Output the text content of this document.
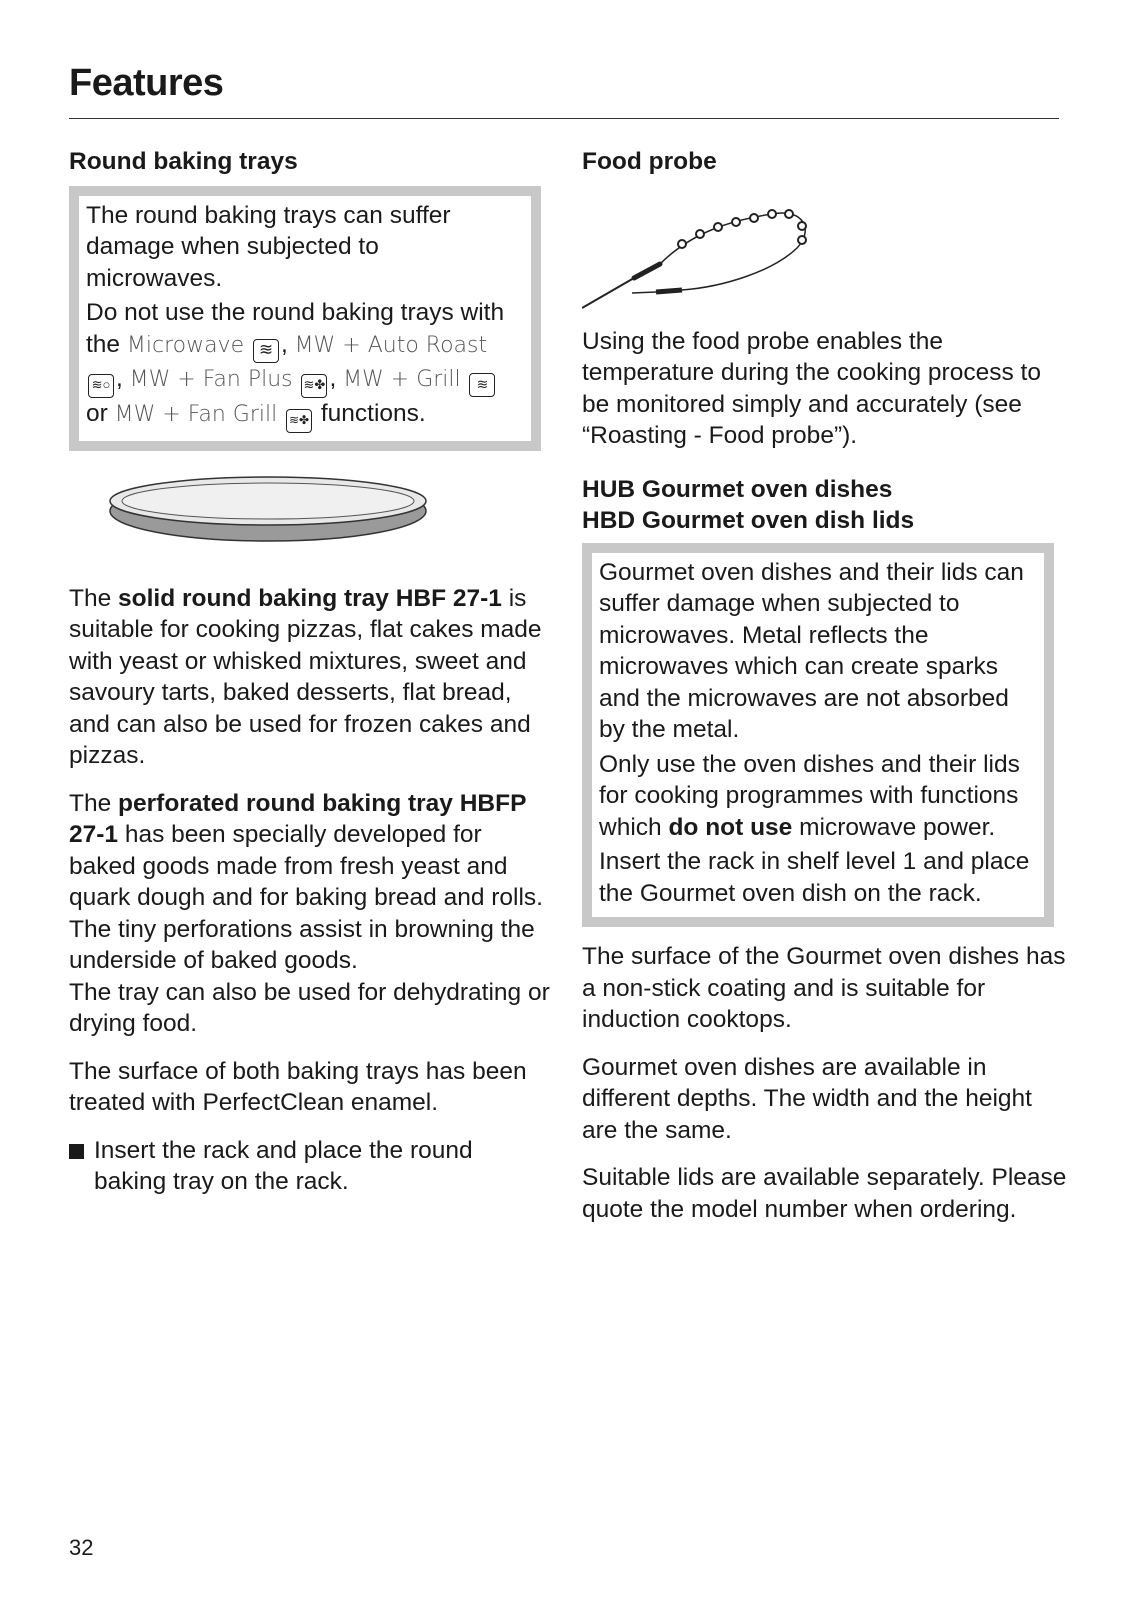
Features
Round baking trays

The round baking trays can suffer damage when subjected to microwaves.

Do not use the round baking trays with the Microwave ≋ , MW + Auto Roast ≋○ , MW + Fan Plus ≋✤ , MW + Grill ≋ or MW + Fan Grill ≋✤ functions.

The solid round baking tray HBF 27-1 is suitable for cooking pizzas, flat cakes made with yeast or whisked mixtures, sweet and savoury tarts, baked desserts, flat bread, and can also be used for frozen cakes and pizzas.

The perforated round baking tray HBFP 27-1 has been specially developed for baked goods made from fresh yeast and quark dough and for baking bread and rolls. The tiny perforations assist in browning the underside of baked goods.
The tray can also be used for dehydrating or drying food.

The surface of both baking trays has been treated with PerfectClean enamel.

Insert the rack and place the round baking tray on the rack.

Food probe

Using the food probe enables the temperature during the cooking process to be monitored simply and accurately (see “Roasting - Food probe”).

HUB Gourmet oven dishes
HBD Gourmet oven dish lids

Gourmet oven dishes and their lids can suffer damage when subjected to microwaves. Metal reflects the microwaves which can create sparks and the microwaves are not absorbed by the metal.

Only use the oven dishes and their lids for cooking programmes with functions which do not use microwave power.

Insert the rack in shelf level 1 and place the Gourmet oven dish on the rack.

The surface of the Gourmet oven dishes has a non-stick coating and is suitable for induction cooktops.

Gourmet oven dishes are available in different depths. The width and the height are the same.

Suitable lids are available separately. Please quote the model number when ordering.

32
